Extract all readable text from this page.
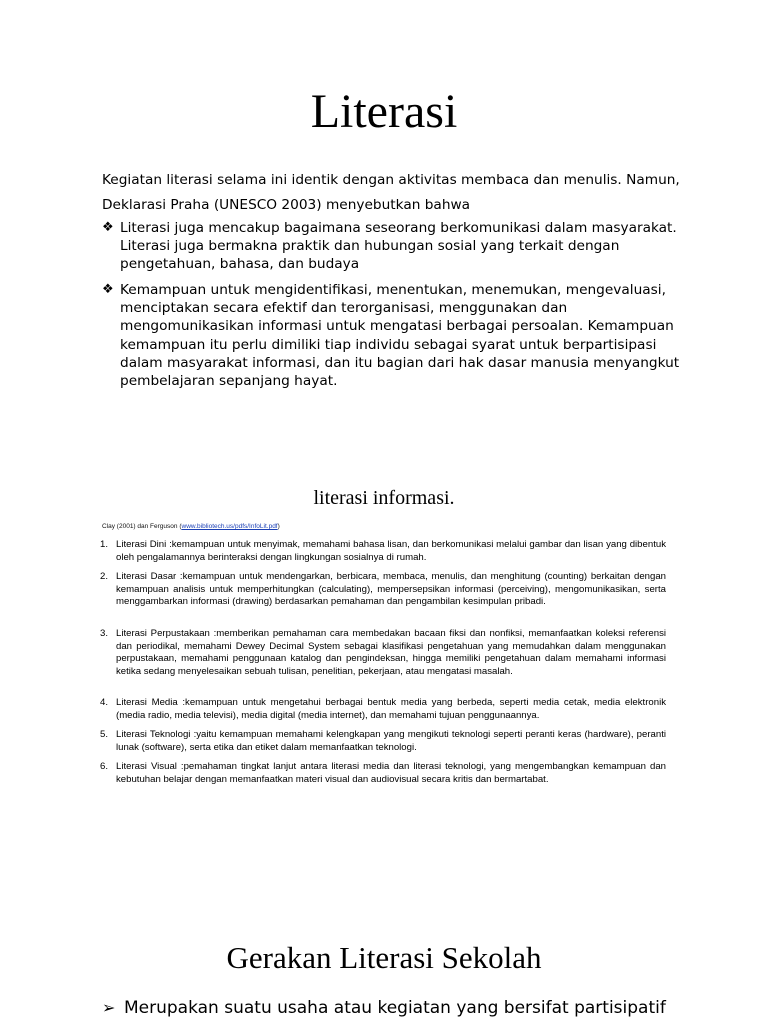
Literasi
Kegiatan literasi selama ini identik dengan aktivitas membaca dan menulis. Namun, Deklarasi Praha (UNESCO 2003) menyebutkan bahwa
❖ Literasi juga mencakup bagaimana seseorang berkomunikasi dalam masyarakat. Literasi juga bermakna praktik dan hubungan sosial yang terkait dengan pengetahuan, bahasa, dan budaya
❖ Kemampuan untuk mengidentifikasi, menentukan, menemukan, mengevaluasi, menciptakan secara efektif dan terorganisasi, menggunakan dan mengomunikasikan informasi untuk mengatasi berbagai persoalan. Kemampuan kemampuan itu perlu dimiliki tiap individu sebagai syarat untuk berpartisipasi dalam masyarakat informasi, dan itu bagian dari hak dasar manusia menyangkut pembelajaran sepanjang hayat.
literasi informasi.
Clay (2001) dan Ferguson (www.bibliotech.us/pdfs/InfoLit.pdf)
1. Literasi Dini :kemampuan untuk menyimak, memahami bahasa lisan, dan berkomunikasi melalui gambar dan lisan yang dibentuk oleh pengalamannya berinteraksi dengan lingkungan sosialnya di rumah.
2. Literasi Dasar :kemampuan untuk mendengarkan, berbicara, membaca, menulis, dan menghitung (counting) berkaitan dengan kemampuan analisis untuk memperhitungkan (calculating), mempersepsikan informasi (perceiving), mengomunikasikan, serta menggambarkan informasi (drawing) berdasarkan pemahaman dan pengambilan kesimpulan pribadi.
3. Literasi Perpustakaan :memberikan pemahaman cara membedakan bacaan fiksi dan nonfiksi, memanfaatkan koleksi referensi dan periodikal, memahami Dewey Decimal System sebagai klasifikasi pengetahuan yang memudahkan dalam menggunakan perpustakaan, memahami penggunaan katalog dan pengindeksan, hingga memiliki pengetahuan dalam memahami informasi ketika sedang menyelesaikan sebuah tulisan, penelitian, pekerjaan, atau mengatasi masalah.
4. Literasi Media :kemampuan untuk mengetahui berbagai bentuk media yang berbeda, seperti media cetak, media elektronik (media radio, media televisi), media digital (media internet), dan memahami tujuan penggunaannya.
5. Literasi Teknologi :yaitu kemampuan memahami kelengkapan yang mengikuti teknologi seperti peranti keras (hardware), peranti lunak (software), serta etika dan etiket dalam memanfaatkan teknologi.
6. Literasi Visual :pemahaman tingkat lanjut antara literasi media dan literasi teknologi, yang mengembangkan kemampuan dan kebutuhan belajar dengan memanfaatkan materi visual dan audiovisual secara kritis dan bermartabat.
Gerakan Literasi Sekolah
➢ Merupakan suatu usaha atau kegiatan yang bersifat partisipatif
